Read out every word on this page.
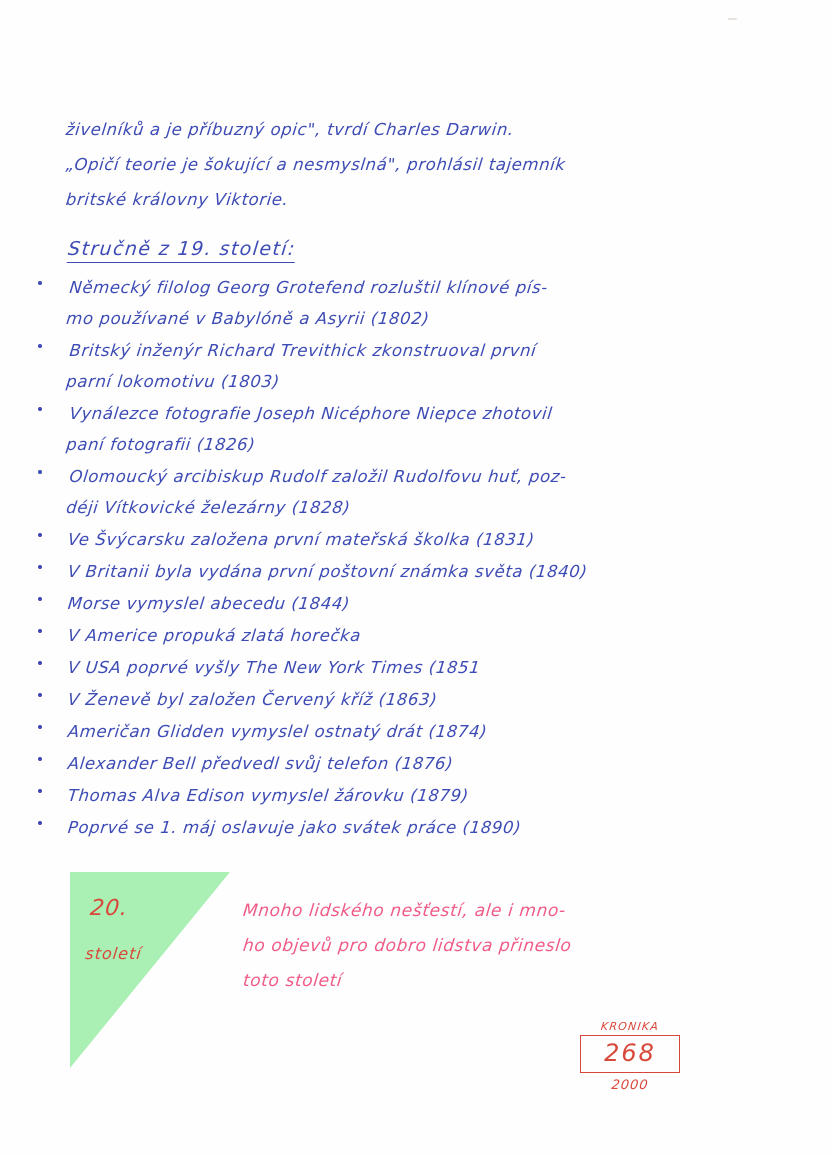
živelníků a je příbuzný opic", tvrdí Charles Darwin.
„Opičí teorie je šokující a nesmyslná", prohlásil tajemník
britské královny Viktorie.
Stručně z 19. století:
Německý filolog Georg Grotefend rozluštil klínové pís-
mo používané v Babylóně a Asyrii (1802)
Britský inženýr Richard Trevithick zkonstruoval první
parní lokomotivu (1803)
Vynálezce fotografie Joseph Nicéphore Niepce zhotovil
paní fotografii (1826)
Olomoucký arcibiskup Rudolf založil Rudolfovu huť, poz-
déji Vítkovické železárny (1828)
Ve Švýcarsku založena první mateřská školka (1831)
V Britanii byla vydána první poštovní známka světa (1840)
Morse vymyslel abecedu (1844)
V Americe propuká zlatá horečka
V USA poprvé vyšly The New York Times (1851
V Ženevě byl založen Červený kříž (1863)
Američan Glidden vymyslel ostnatý drát (1874)
Alexander Bell předvedl svůj telefon (1876)
Thomas Alva Edison vymyslel žárovku (1879)
Poprvé se 1. máj oslavuje jako svátek práce (1890)
20.
století
Mnoho lidského nešťestí, ale i mno-
ho objevů pro dobro lidstva přineslo
toto století
KRONIKA
268
2000
